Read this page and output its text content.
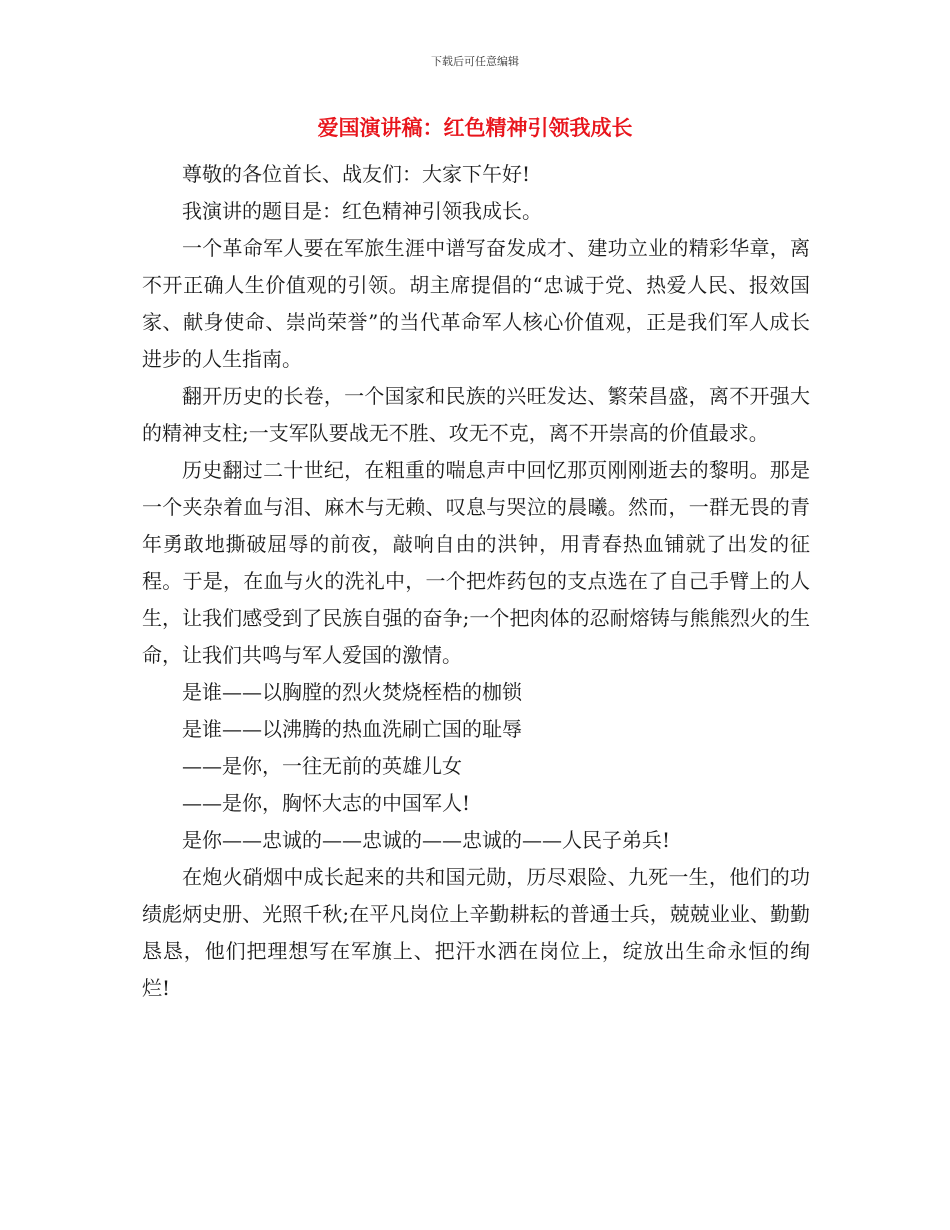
下载后可任意编辑
爱国演讲稿：红色精神引领我成长

尊敬的各位首长、战友们：大家下午好!

我演讲的题目是：红色精神引领我成长。

一个革命军人要在军旅生涯中谱写奋发成才、建功立业的精彩华章，离不开正确人生价值观的引领。胡主席提倡的“忠诚于党、热爱人民、报效国家、献身使命、崇尚荣誉”的当代革命军人核心价值观，正是我们军人成长进步的人生指南。

翻开历史的长卷，一个国家和民族的兴旺发达、繁荣昌盛，离不开强大的精神支柱;一支军队要战无不胜、攻无不克，离不开崇高的价值最求。

历史翻过二十世纪，在粗重的喘息声中回忆那页刚刚逝去的黎明。那是一个夹杂着血与泪、麻木与无赖、叹息与哭泣的晨曦。然而，一群无畏的青年勇敢地撕破屈辱的前夜，敲响自由的洪钟，用青春热血铺就了出发的征程。于是，在血与火的洗礼中，一个把炸药包的支点选在了自己手臂上的人生，让我们感受到了民族自强的奋争;一个把肉体的忍耐熔铸与熊熊烈火的生命，让我们共鸣与军人爱国的激情。

是谁——以胸膛的烈火焚烧桎梏的枷锁

是谁——以沸腾的热血洗刷亡国的耻辱

——是你，一往无前的英雄儿女

——是你，胸怀大志的中国军人!

是你——忠诚的——忠诚的——忠诚的——人民子弟兵!

在炮火硝烟中成长起来的共和国元勋，历尽艰险、九死一生，他们的功绩彪炳史册、光照千秋;在平凡岗位上辛勤耕耘的普通士兵，兢兢业业、勤勤恳恳，他们把理想写在军旗上、把汗水洒在岗位上，绽放出生命永恒的绚烂!
